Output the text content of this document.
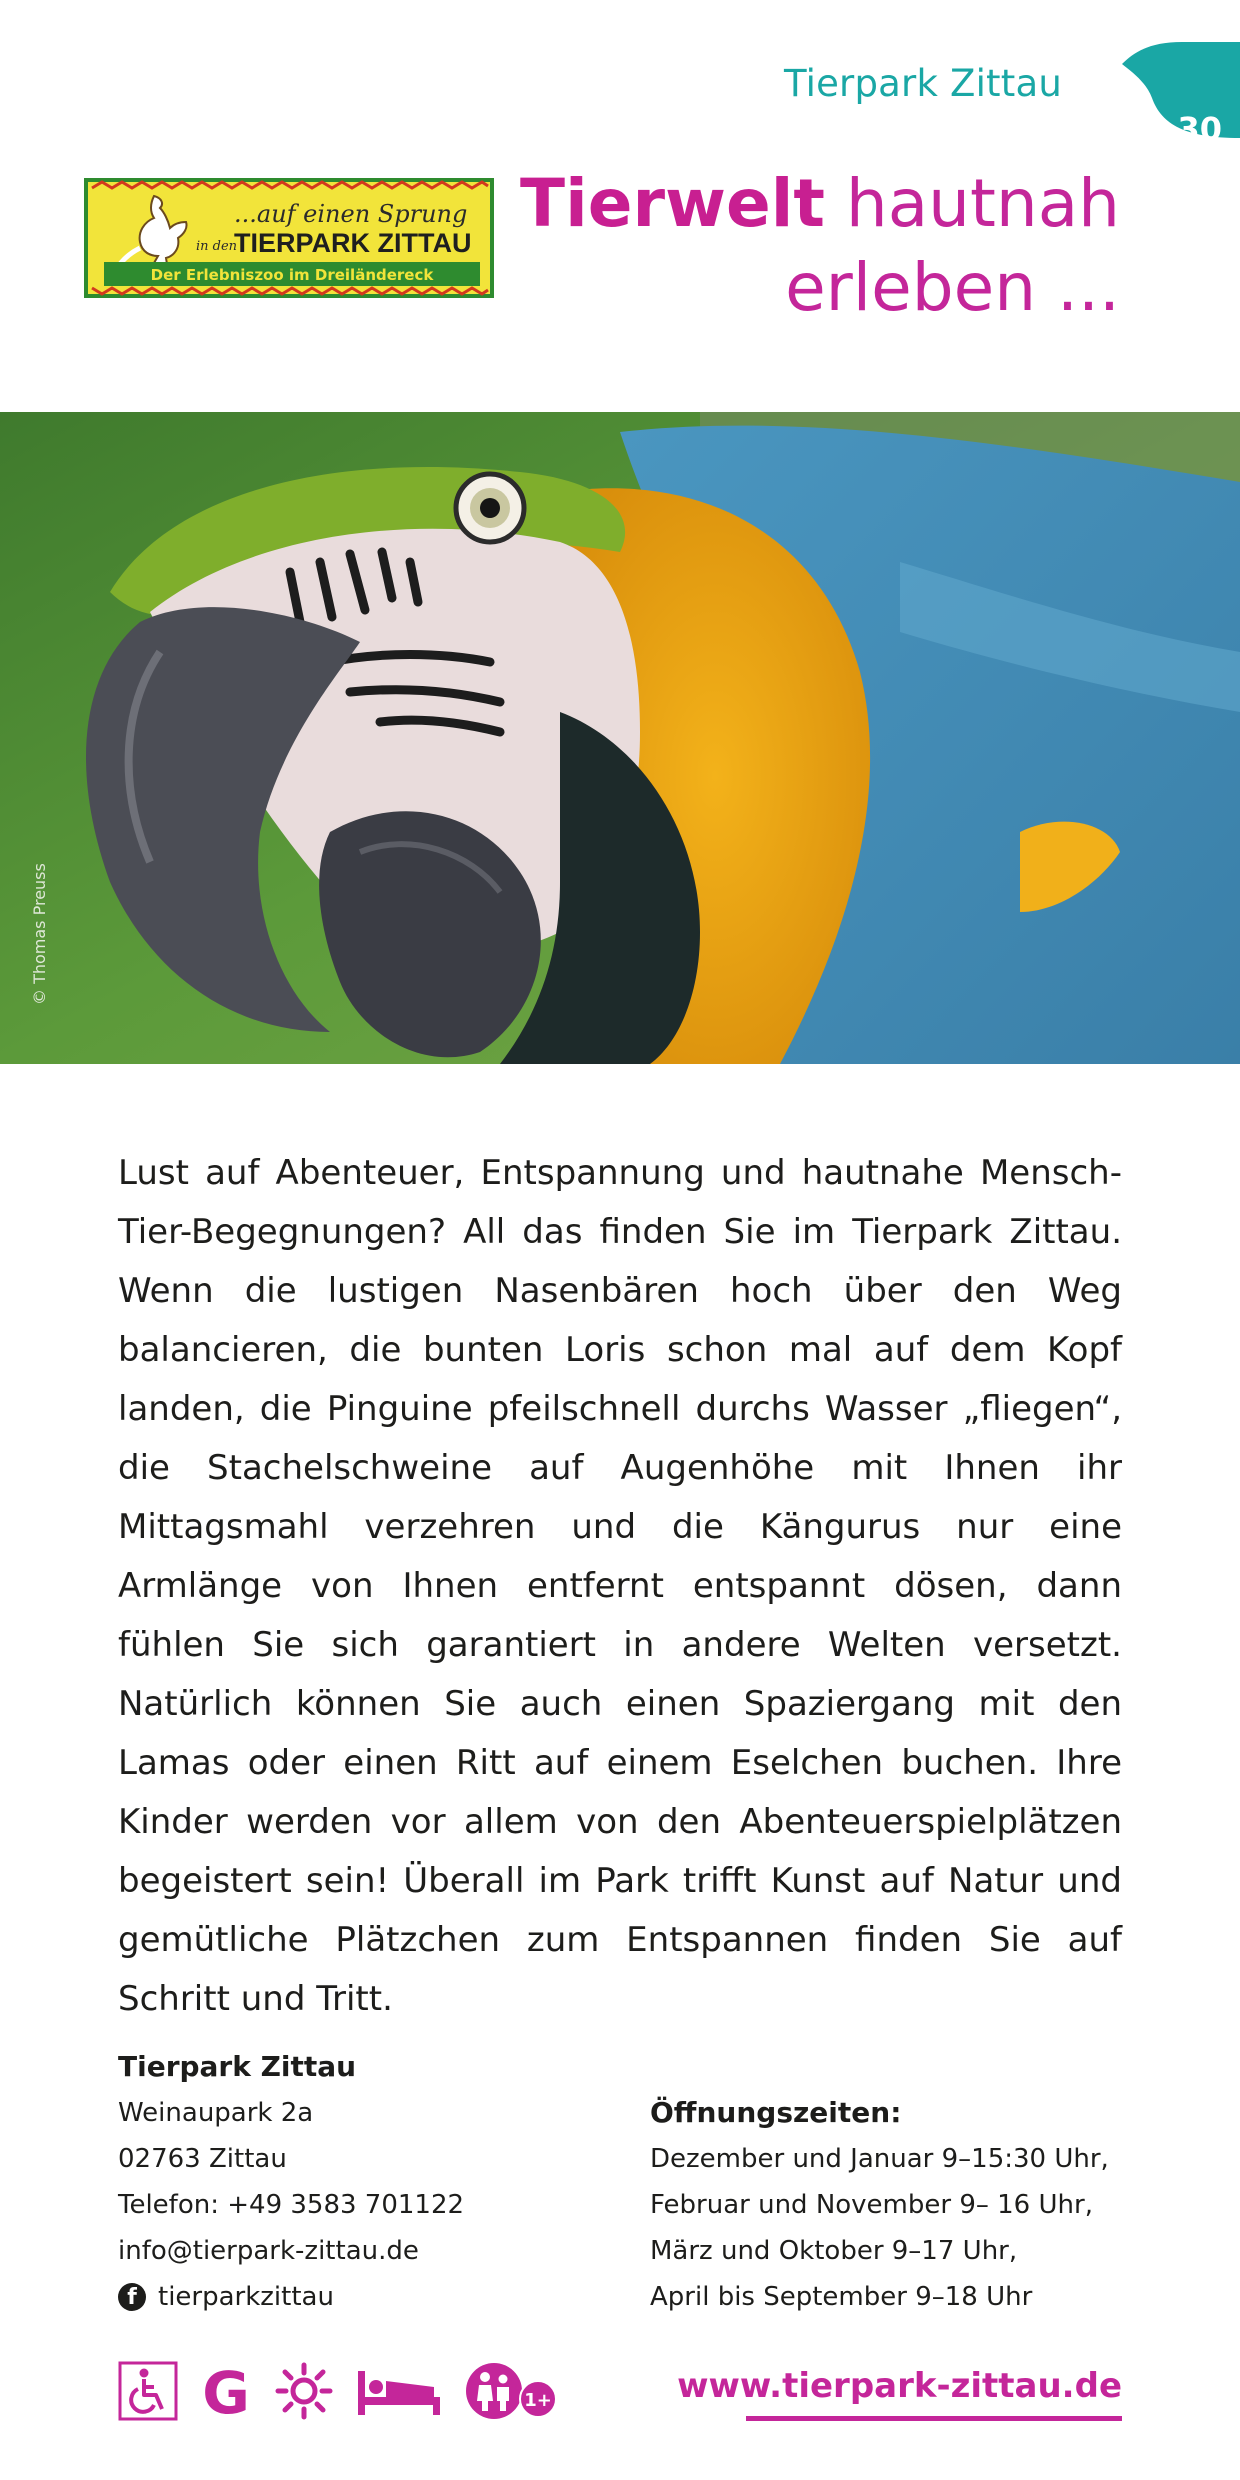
Tierpark Zittau
30
...auf einen Sprung
in den
TIERPARK ZITTAU
Der Erlebniszoo im Dreiländereck
Tierwelt hautnah
erleben ...
© Thomas Preuss
Lust auf Abenteuer, Entspannung und hautnahe Mensch-Tier-Begegnungen? All das finden Sie im Tierpark Zittau. Wenn die lustigen Nasenbären hoch über den Weg balancieren, die bunten Loris schon mal auf dem Kopf landen, die Pinguine pfeilschnell durchs Wasser „fliegen“, die Stachelschweine auf Augenhöhe mit Ihnen ihr Mittagsmahl verzehren und die Kängurus nur eine Armlänge von Ihnen entfernt entspannt dösen, dann fühlen Sie sich garantiert in andere Welten versetzt. Natürlich können Sie auch einen Spaziergang mit den Lamas oder einen Ritt auf einem Eselchen buchen. Ihre Kinder werden vor allem von den Abenteuerspielplätzen begeistert sein! Überall im Park trifft Kunst auf Natur und gemütliche Plätzchen zum Entspannen finden Sie auf Schritt und Tritt.
Tierpark Zittau
Weinaupark 2a
02763 Zittau
Telefon: +49 3583 701122
info@tierpark-zittau.de
f tierparkzittau
Öffnungszeiten:
Dezember und Januar 9–15:30 Uhr,
Februar und November 9– 16 Uhr,
März und Oktober 9–17 Uhr,
April bis September 9–18 Uhr
G	1+	www.tierpark-zittau.de
